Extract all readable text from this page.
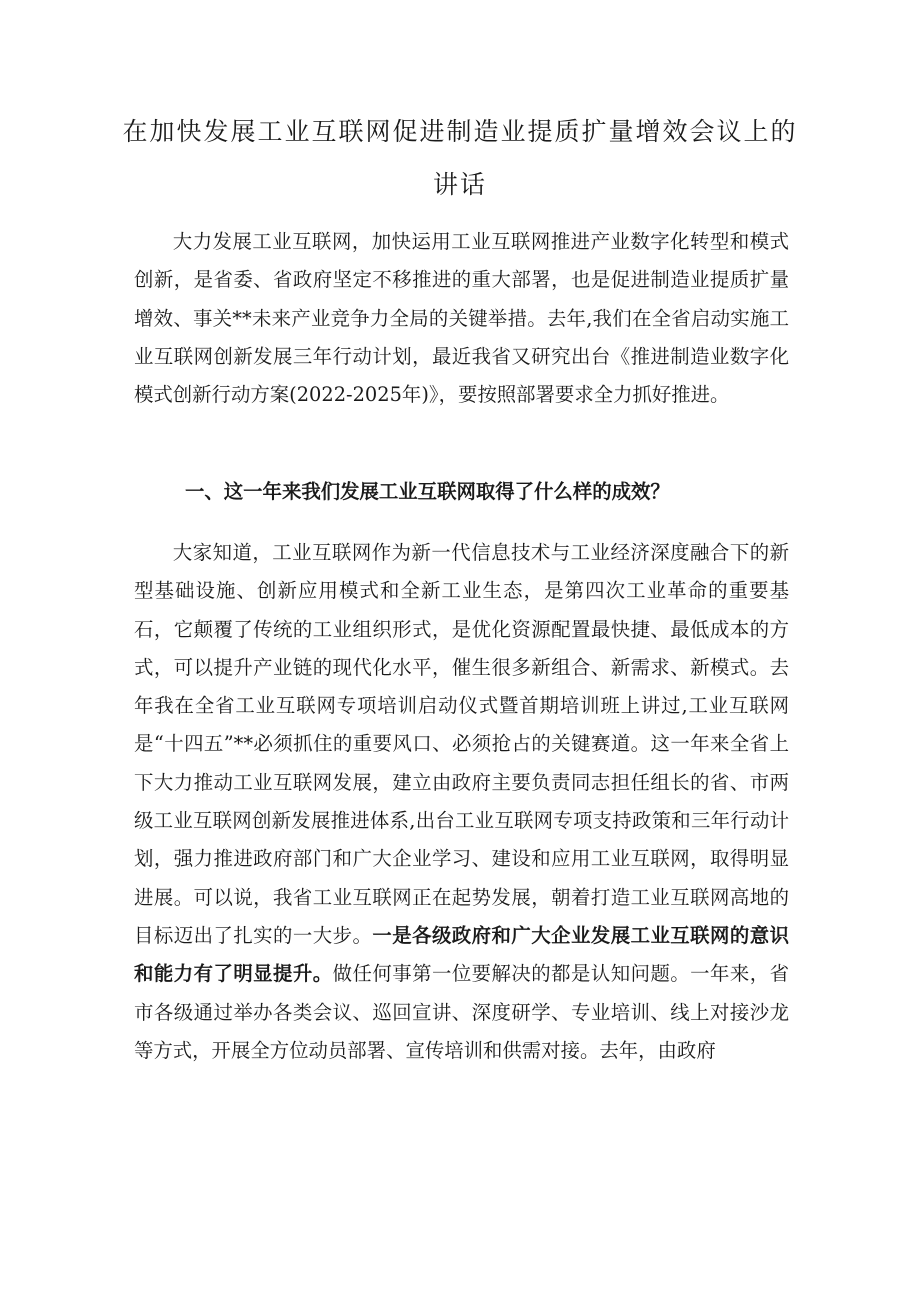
在加快发展工业互联网促进制造业提质扩量增效会议上的
讲话

大力发展工业互联网，加快运用工业互联网推进产业数字化转型和模式创新，是省委、省政府坚定不移推进的重大部署，也是促进制造业提质扩量增效、事关**未来产业竞争力全局的关键举措。去年,我们在全省启动实施工业互联网创新发展三年行动计划，最近我省又研究出台《推进制造业数字化模式创新行动方案(2022-2025年)》，要按照部署要求全力抓好推进。

一、这一年来我们发展工业互联网取得了什么样的成效？

大家知道，工业互联网作为新一代信息技术与工业经济深度融合下的新型基础设施、创新应用模式和全新工业生态，是第四次工业革命的重要基石，它颠覆了传统的工业组织形式，是优化资源配置最快捷、最低成本的方式，可以提升产业链的现代化水平，催生很多新组合、新需求、新模式。去年我在全省工业互联网专项培训启动仪式暨首期培训班上讲过,工业互联网是“十四五”**必须抓住的重要风口、必须抢占的关键赛道。这一年来全省上下大力推动工业互联网发展，建立由政府主要负责同志担任组长的省、市两级工业互联网创新发展推进体系,出台工业互联网专项支持政策和三年行动计划，强力推进政府部门和广大企业学习、建设和应用工业互联网，取得明显进展。可以说，我省工业互联网正在起势发展，朝着打造工业互联网高地的目标迈出了扎实的一大步。一是各级政府和广大企业发展工业互联网的意识和能力有了明显提升。做任何事第一位要解决的都是认知问题。一年来，省市各级通过举办各类会议、巡回宣讲、深度研学、专业培训、线上对接沙龙等方式，开展全方位动员部署、宣传培训和供需对接。去年，由政府
